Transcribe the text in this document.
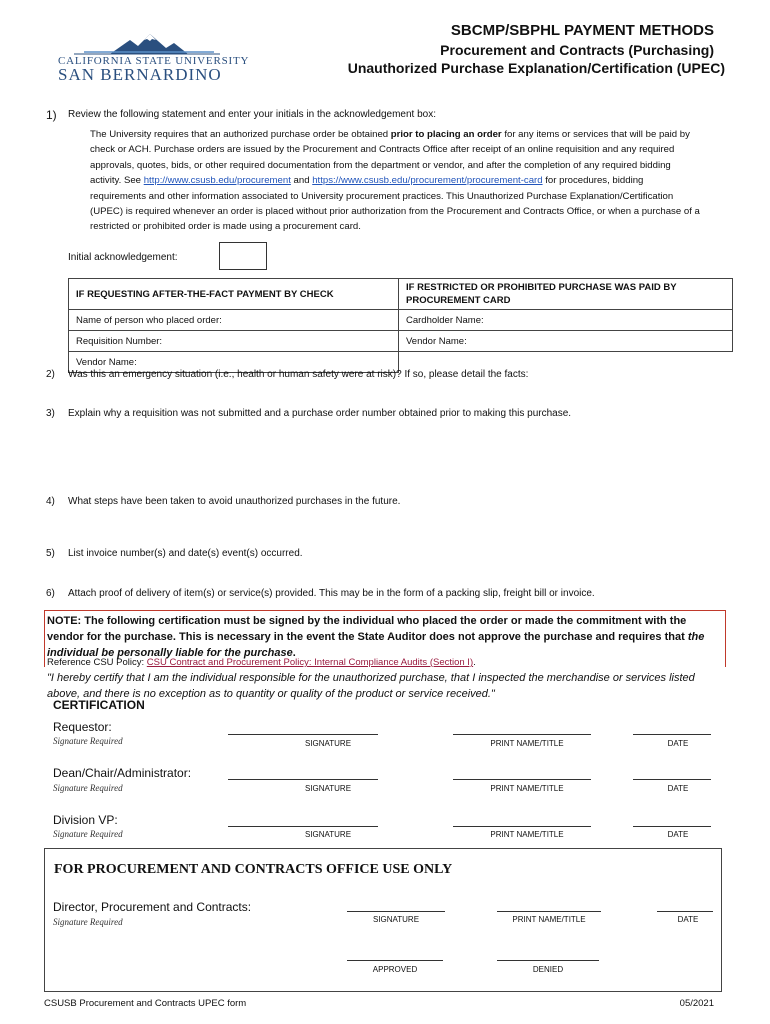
CALIFORNIA STATE UNIVERSITY
SAN BERNARDINO
SBCMP/SBPHL PAYMENT METHODS
Procurement and Contracts (Purchasing)
Unauthorized Purchase Explanation/Certification (UPEC)
1) Review the following statement and enter your initials in the acknowledgement box:
The University requires that an authorized purchase order be obtained prior to placing an order for any items or services that will be paid by check or ACH. Purchase orders are issued by the Procurement and Contracts Office after receipt of an online requisition and any required approvals, quotes, bids, or other required documentation from the department or vendor, and after the completion of any required bidding activity. See http://www.csusb.edu/procurement and https://www.csusb.edu/procurement/procurement-card for procedures, bidding requirements and other information associated to University procurement practices. This Unauthorized Purchase Explanation/Certification (UPEC) is required whenever an order is placed without prior authorization from the Procurement and Contracts Office, or when a purchase of a restricted or prohibited order is made using a procurement card.
Initial acknowledgement:
IF REQUESTING AFTER-THE-FACT PAYMENT BY CHECK	IF RESTRICTED OR PROHIBITED PURCHASE WAS PAID BY PROCUREMENT CARD
Name of person who placed order:	Cardholder Name:
Requisition Number:	Vendor Name:
Vendor Name:	
2) Was this an emergency situation (i.e., health or human safety were at risk)? If so, please detail the facts:
3) Explain why a requisition was not submitted and a purchase order number obtained prior to making this purchase.
4) What steps have been taken to avoid unauthorized purchases in the future.
5) List invoice number(s) and date(s) event(s) occurred.
6) Attach proof of delivery of item(s) or service(s) provided. This may be in the form of a packing slip, freight bill or invoice.
NOTE: The following certification must be signed by the individual who placed the order or made the commitment with the vendor for the purchase. This is necessary in the event the State Auditor does not approve the purchase and requires that the individual be personally liable for the purchase.
Reference CSU Policy: CSU Contract and Procurement Policy: Internal Compliance Audits (Section I).
"I hereby certify that I am the individual responsible for the unauthorized purchase, that I inspected the merchandise or services listed above, and there is no exception as to quantity or quality of the product or service received."
CERTIFICATION
Requestor:
Signature Required	SIGNATURE	PRINT NAME/TITLE	DATE
Dean/Chair/Administrator:
Signature Required	SIGNATURE	PRINT NAME/TITLE	DATE
Division VP:
Signature Required	SIGNATURE	PRINT NAME/TITLE	DATE
FOR PROCUREMENT AND CONTRACTS OFFICE USE ONLY
Director, Procurement and Contracts:
Signature Required	SIGNATURE	PRINT NAME/TITLE	DATE
APPROVED	DENIED
CSUSB Procurement and Contracts UPEC form	05/2021
